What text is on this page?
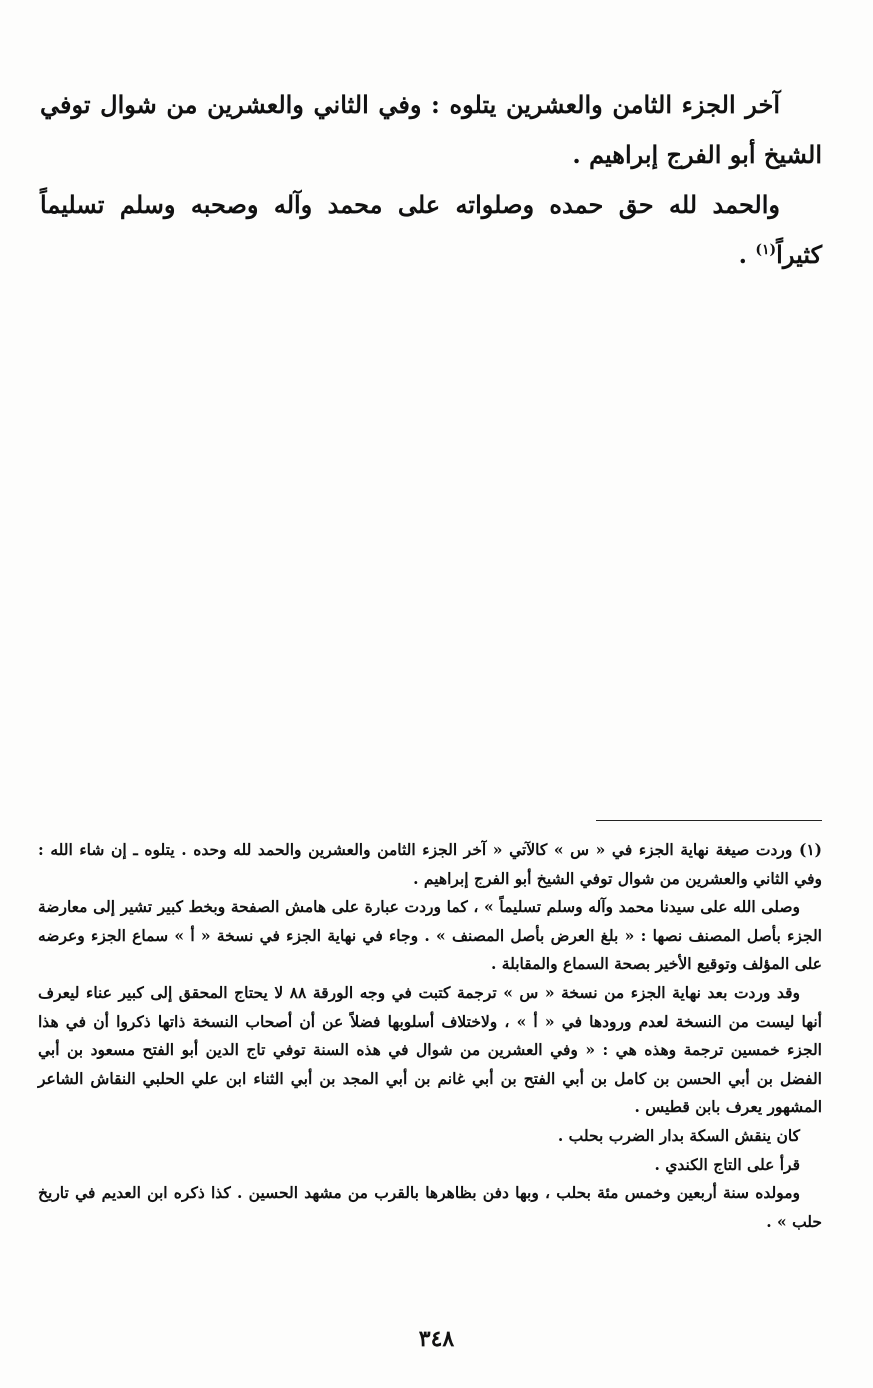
آخر الجزء الثامن والعشرين يتلوه : وفي الثاني والعشرين من شوال توفي الشيخ أبو الفرج إبراهيم .

والحمد لله حق حمده وصلواته على محمد وآله وصحبه وسلم تسليماً كثيراً$^{(١)}$ .

(١) وردت صيغة نهاية الجزء في « س » كالآتي « آخر الجزء الثامن والعشرين والحمد لله وحده . يتلوه ـ إن شاء الله : وفي الثاني والعشرين من شوال توفي الشيخ أبو الفرج إبراهيم .

وصلى الله على سيدنا محمد وآله وسلم تسليماً » ، كما وردت عبارة على هامش الصفحة وبخط كبير تشير إلى معارضة الجزء بأصل المصنف نصها : « بلغ العرض بأصل المصنف » . وجاء في نهاية الجزء في نسخة « أ » سماع الجزء وعرضه على المؤلف وتوقيع الأخير بصحة السماع والمقابلة .

وقد وردت بعد نهاية الجزء من نسخة « س » ترجمة كتبت في وجه الورقة ٨٨ لا يحتاج المحقق إلى كبير عناء ليعرف أنها ليست من النسخة لعدم ورودها في « أ » ، ولاختلاف أسلوبها فضلاً عن أن أصحاب النسخة ذاتها ذكروا أن في هذا الجزء خمسين ترجمة وهذه هي : « وفي العشرين من شوال في هذه السنة توفي تاج الدين أبو الفتح مسعود بن أبي الفضل بن أبي الحسن بن كامل بن أبي الفتح بن أبي غانم بن أبي المجد بن أبي الثناء ابن علي الحلبي النقاش الشاعر المشهور يعرف بابن قطيس .

كان ينقش السكة بدار الضرب بحلب .

قرأ على التاج الكندي .

ومولده سنة أربعين وخمس مئة بحلب ، وبها دفن بظاهرها بالقرب من مشهد الحسين . كذا ذكره ابن العديم في تاريخ حلب » .

٣٤٨
